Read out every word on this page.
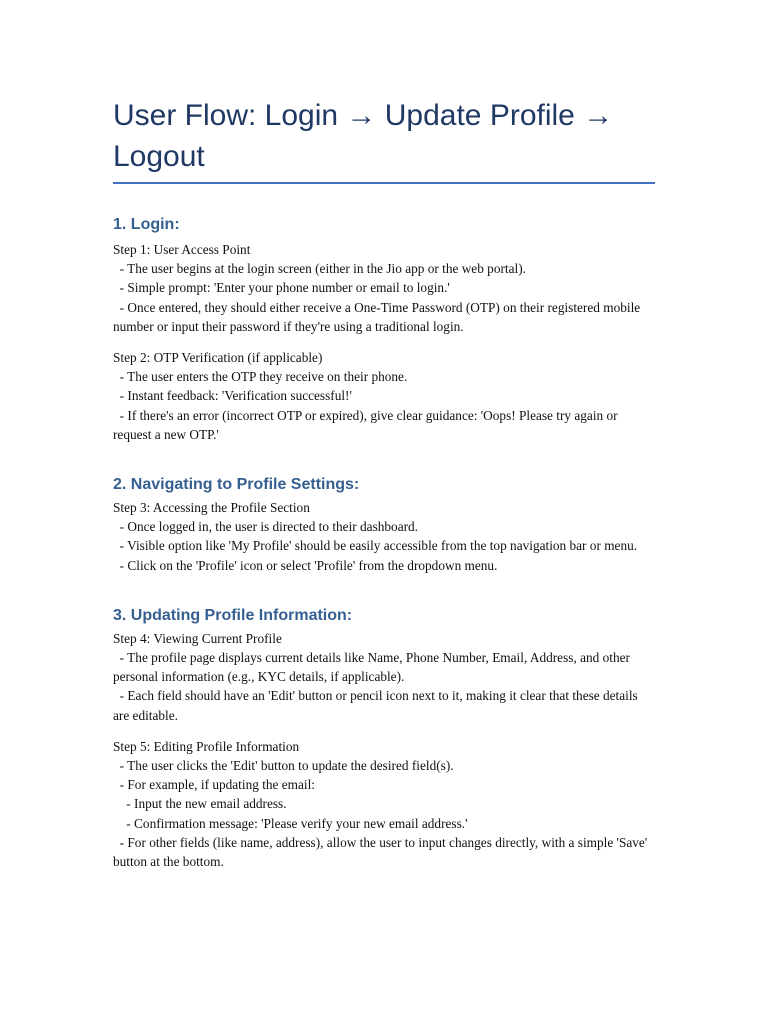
User Flow: Login → Update Profile → Logout
1. Login:

Step 1: User Access Point

- The user begins at the login screen (either in the Jio app or the web portal).

- Simple prompt: 'Enter your phone number or email to login.'

- Once entered, they should either receive a One-Time Password (OTP) on their registered mobile number or input their password if they're using a traditional login.

Step 2: OTP Verification (if applicable)

- The user enters the OTP they receive on their phone.

- Instant feedback: 'Verification successful!'

- If there's an error (incorrect OTP or expired), give clear guidance: 'Oops! Please try again or request a new OTP.'

2. Navigating to Profile Settings:

Step 3: Accessing the Profile Section

- Once logged in, the user is directed to their dashboard.

- Visible option like 'My Profile' should be easily accessible from the top navigation bar or menu.

- Click on the 'Profile' icon or select 'Profile' from the dropdown menu.

3. Updating Profile Information:

Step 4: Viewing Current Profile

- The profile page displays current details like Name, Phone Number, Email, Address, and other personal information (e.g., KYC details, if applicable).

- Each field should have an 'Edit' button or pencil icon next to it, making it clear that these details are editable.

Step 5: Editing Profile Information

- The user clicks the 'Edit' button to update the desired field(s).

- For example, if updating the email:

- Input the new email address.

- Confirmation message: 'Please verify your new email address.'

- For other fields (like name, address), allow the user to input changes directly, with a simple 'Save' button at the bottom.
